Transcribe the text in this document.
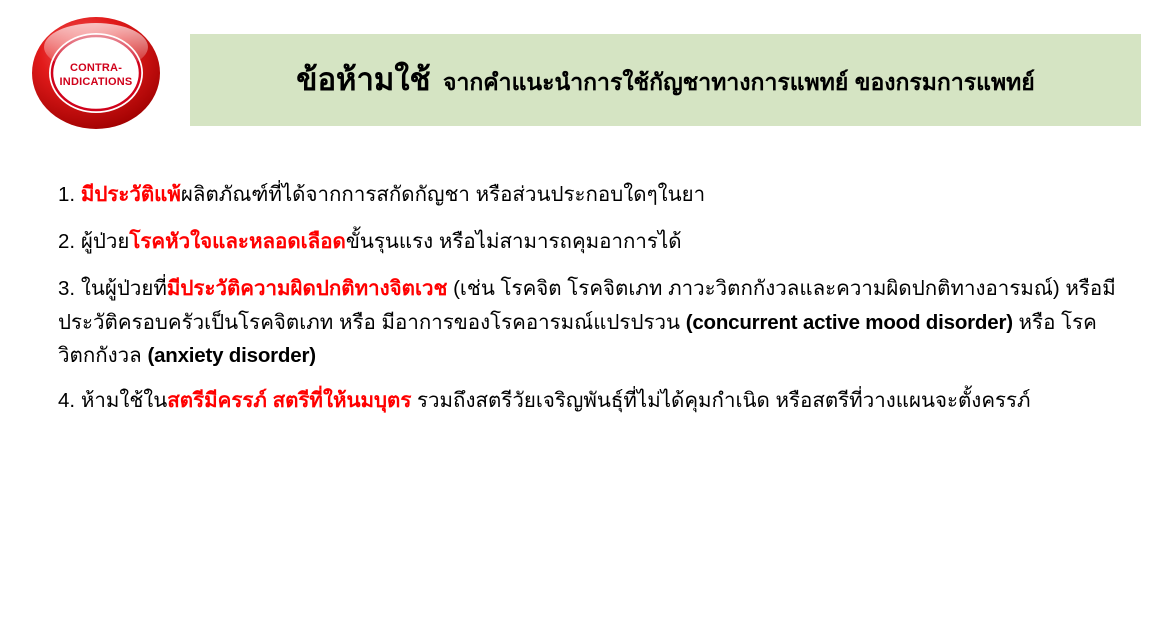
ข้อห้ามใช้ จากคำแนะนำการใช้กัญชาทางการแพทย์ ของกรมการแพทย์
CONTRA-
INDICATIONS
1. มีประวัติแพ้ผลิตภัณฑ์ที่ได้จากการสกัดกัญชา หรือส่วนประกอบใดๆในยา
2. ผู้ป่วยโรคหัวใจและหลอดเลือดขั้นรุนแรง หรือไม่สามารถคุมอาการได้
3. ในผู้ป่วยที่มีประวัติความผิดปกติทางจิตเวช (เช่น โรคจิต โรคจิตเภท ภาวะวิตกกังวลและความผิดปกติทางอารมณ์) หรือมีประวัติครอบครัวเป็นโรคจิตเภท หรือ มีอาการของโรคอารมณ์แปรปรวน (concurrent active mood disorder) หรือ โรควิตกกังวล (anxiety disorder)
4. ห้ามใช้ในสตรีมีครรภ์ สตรีที่ให้นมบุตร รวมถึงสตรีวัยเจริญพันธุ์ที่ไม่ได้คุมกำเนิด หรือสตรีที่วางแผนจะตั้งครรภ์
